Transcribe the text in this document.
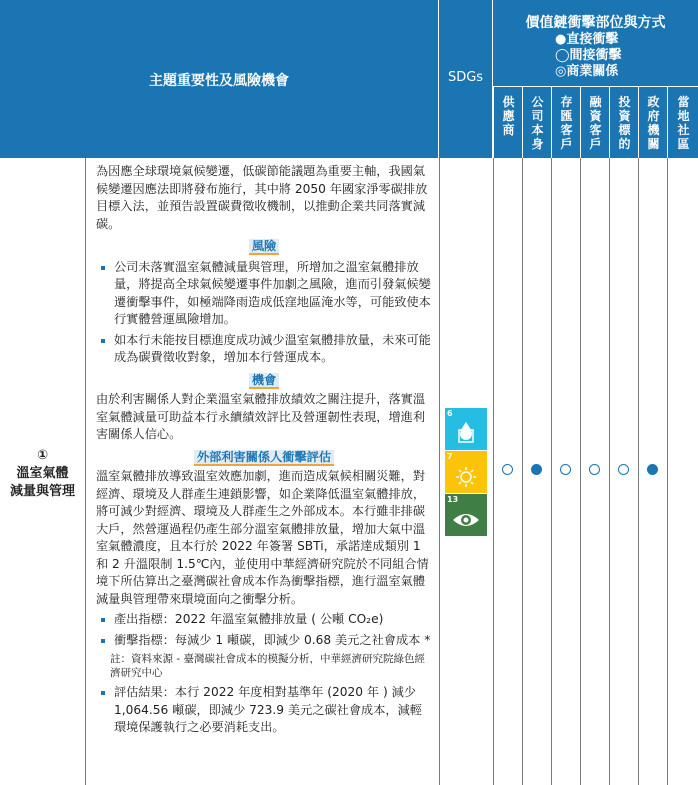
主題重要性及風險機會	SDGs
價值鏈衝擊部位與方式
●直接衝擊
◯間接衝擊
◎商業關係
供應商
公司本身
存匯客戶
融資客戶
投資標的
政府機關
當地社區
①
溫室氣體
減量與管理

為因應全球環境氣候變遷，低碳節能議題為重要主軸，我國氣候變遷因應法即將發布施行，其中將 2050 年國家淨零碳排放目標入法，並預告設置碳費徵收機制，以推動企業共同落實減碳。

風險
公司未落實溫室氣體減量與管理，所增加之溫室氣體排放量，將提高全球氣候變遷事件加劇之風險，進而引發氣候變遷衝擊事件，如極端降雨造成低窪地區淹水等，可能致使本行實體營運風險增加。
如本行未能按目標進度成功減少溫室氣體排放量，未來可能成為碳費徵收對象，增加本行營運成本。
機會

由於利害關係人對企業溫室氣體排放績效之關注提升，落實溫室氣體減量可助益本行永續績效評比及營運韌性表現，增進利害關係人信心。

外部利害關係人衝擊評估

溫室氣體排放導致溫室效應加劇，進而造成氣候相關災難，對經濟、環境及人群產生連鎖影響，如企業降低溫室氣體排放，將可減少對經濟、環境及人群產生之外部成本。本行雖非排碳大戶，然營運過程仍產生部分溫室氣體排放量，增加大氣中溫室氣體濃度，且本行於 2022 年簽署 SBTi，承諾達成類別 1 和 2 升溫限制 1.5℃內，並使用中華經濟研究院於不同組合情境下所估算出之臺灣碳社會成本作為衝擊指標，進行溫室氣體減量與管理帶來環境面向之衝擊分析。

產出指標：2022 年溫室氣體排放量 ( 公噸 CO₂e)
衝擊指標：每減少 1 噸碳，即減少 0.68 美元之社會成本 *
註：資料來源 - 臺灣碳社會成本的模擬分析，中華經濟研究院綠色經濟研究中心
評估結果：本行 2022 年度相對基準年 (2020 年 ) 減少 1,064.56 噸碳，即減少 723.9 美元之碳社會成本，減輕環境保護執行之必要消耗支出。
6
7
13
